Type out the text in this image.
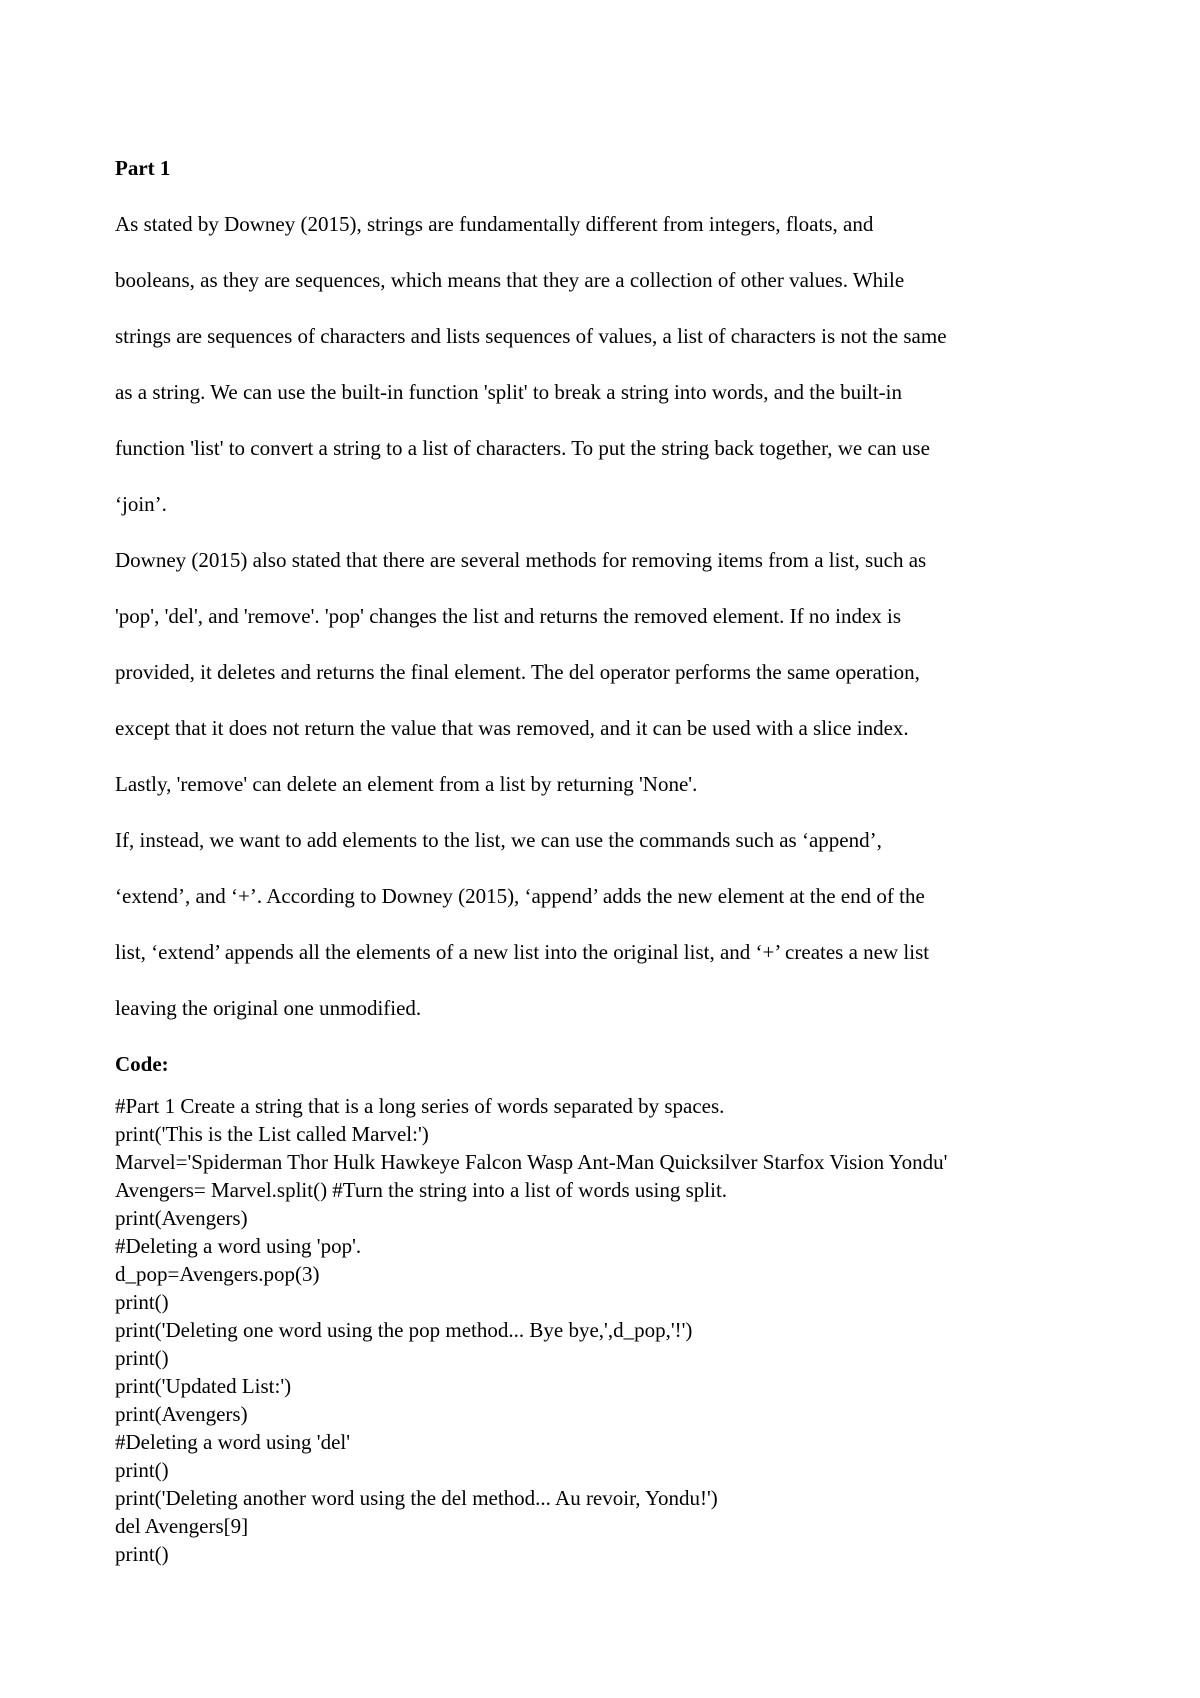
Part 1
As stated by Downey (2015), strings are fundamentally different from integers, floats, and
booleans, as they are sequences, which means that they are a collection of other values. While
strings are sequences of characters and lists sequences of values, a list of characters is not the same
as a string. We can use the built-in function 'split' to break a string into words, and the built-in
function 'list' to convert a string to a list of characters. To put the string back together, we can use
‘join’.
Downey (2015) also stated that there are several methods for removing items from a list, such as
'pop', 'del', and 'remove'. 'pop' changes the list and returns the removed element. If no index is
provided, it deletes and returns the final element. The del operator performs the same operation,
except that it does not return the value that was removed, and it can be used with a slice index.
Lastly, 'remove' can delete an element from a list by returning 'None'.
If, instead, we want to add elements to the list, we can use the commands such as ‘append’,
‘extend’, and ‘+’. According to Downey (2015), ‘append’ adds the new element at the end of the
list, ‘extend’ appends all the elements of a new list into the original list, and ‘+’ creates a new list
leaving the original one unmodified.
Code:
#Part 1 Create a string that is a long series of words separated by spaces.
print('This is the List called Marvel:')
Marvel='Spiderman Thor Hulk Hawkeye Falcon Wasp Ant-Man Quicksilver Starfox Vision Yondu'
Avengers= Marvel.split() #Turn the string into a list of words using split.
print(Avengers)
#Deleting a word using 'pop'.
d_pop=Avengers.pop(3)
print()
print('Deleting one word using the pop method... Bye bye,',d_pop,'!')
print()
print('Updated List:')
print(Avengers)
#Deleting a word using 'del'
print()
print('Deleting another word using the del method... Au revoir, Yondu!')
del Avengers[9]
print()
